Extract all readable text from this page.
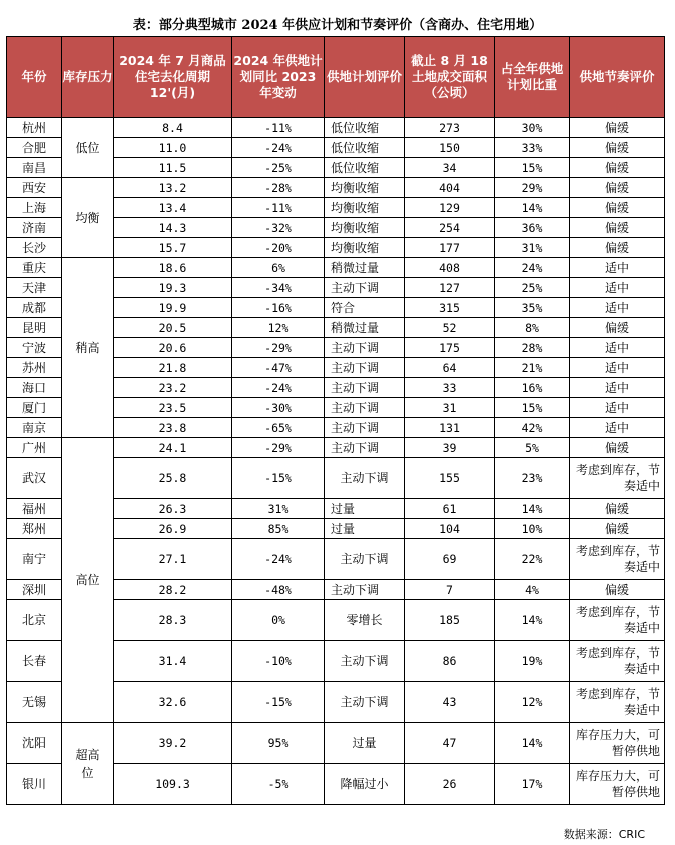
表：部分典型城市 2024 年供应计划和节奏评价（含商办、住宅用地）
年份	库存压力	2024 年 7 月商品住宅去化周期 12'(月)	2024 年供地计划同比 2023 年变动	供地计划评价	截止 8 月 18 土地成交面积（公顷）	占全年供地计划比重	供地节奏评价
杭州	低位	8.4	-11%	低位收缩	273	30%	偏缓
合肥		11.0	-24%	低位收缩	150	33%	偏缓
南昌		11.5	-25%	低位收缩	34	15%	偏缓
西安	均衡	13.2	-28%	均衡收缩	404	29%	偏缓
上海		13.4	-11%	均衡收缩	129	14%	偏缓
济南		14.3	-32%	均衡收缩	254	36%	偏缓
长沙		15.7	-20%	均衡收缩	177	31%	偏缓
重庆	稍高	18.6	6%	稍微过量	408	24%	适中
天津		19.3	-34%	主动下调	127	25%	适中
成都		19.9	-16%	符合	315	35%	适中
昆明		20.5	12%	稍微过量	52	8%	偏缓
宁波		20.6	-29%	主动下调	175	28%	适中
苏州		21.8	-47%	主动下调	64	21%	适中
海口		23.2	-24%	主动下调	33	16%	适中
厦门		23.5	-30%	主动下调	31	15%	适中
南京		23.8	-65%	主动下调	131	42%	适中
广州	高位	24.1	-29%	主动下调	39	5%	偏缓
武汉		25.8	-15%	主动下调	155	23%	考虑到库存，节奏适中
福州		26.3	31%	过量	61	14%	偏缓
郑州		26.9	85%	过量	104	10%	偏缓
南宁		27.1	-24%	主动下调	69	22%	考虑到库存，节奏适中
深圳		28.2	-48%	主动下调	7	4%	偏缓
北京		28.3	0%	零增长	185	14%	考虑到库存，节奏适中
长春		31.4	-10%	主动下调	86	19%	考虑到库存，节奏适中
无锡		32.6	-15%	主动下调	43	12%	考虑到库存，节奏适中
沈阳	超高位	39.2	95%	过量	47	14%	库存压力大，可暂停供地
银川		109.3	-5%	降幅过小	26	17%	库存压力大，可暂停供地
数据来源：CRIC
